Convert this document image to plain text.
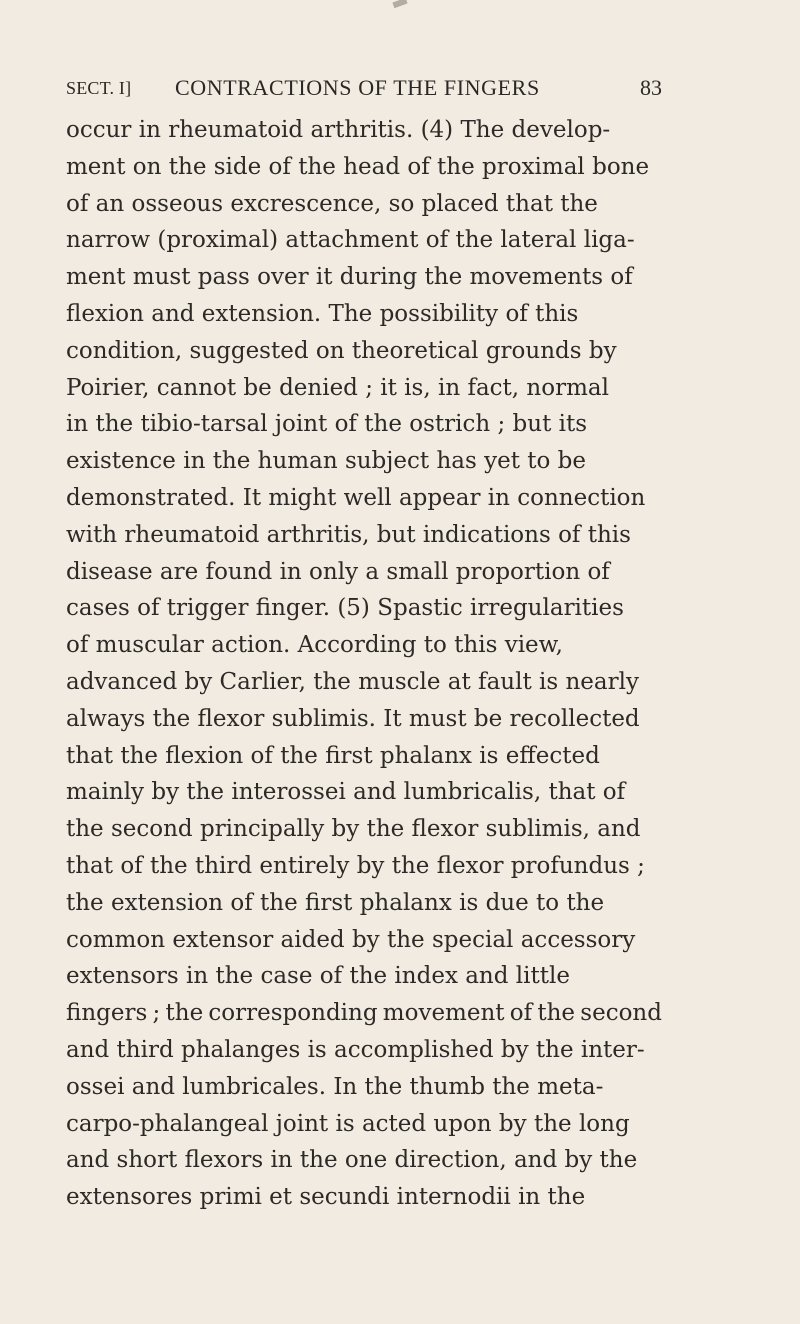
SECT. I] CONTRACTIONS OF THE FINGERS	83
occur in rheumatoid arthritis. (4) The develop-
ment on the side of the head of the proximal bone
of an osseous excrescence, so placed that the
narrow (proximal) attachment of the lateral liga-
ment must pass over it during the movements of
flexion and extension. The possibility of this
condition, suggested on theoretical grounds by
Poirier, cannot be denied ; it is, in fact, normal
in the tibio-tarsal joint of the ostrich ; but its
existence in the human subject has yet to be
demonstrated. It might well appear in connection
with rheumatoid arthritis, but indications of this
disease are found in only a small proportion of
cases of trigger finger. (5) Spastic irregularities
of muscular action. According to this view,
advanced by Carlier, the muscle at fault is nearly
always the flexor sublimis. It must be recollected
that the flexion of the first phalanx is effected
mainly by the interossei and lumbricalis, that of
the second principally by the flexor sublimis, and
that of the third entirely by the flexor profundus ;
the extension of the first phalanx is due to the
common extensor aided by the special accessory
extensors in the case of the index and little
fingers ; the corresponding movement of the second
and third phalanges is accomplished by the inter-
ossei and lumbricales. In the thumb the meta-
carpo-phalangeal joint is acted upon by the long
and short flexors in the one direction, and by the
extensores primi et secundi internodii in the
